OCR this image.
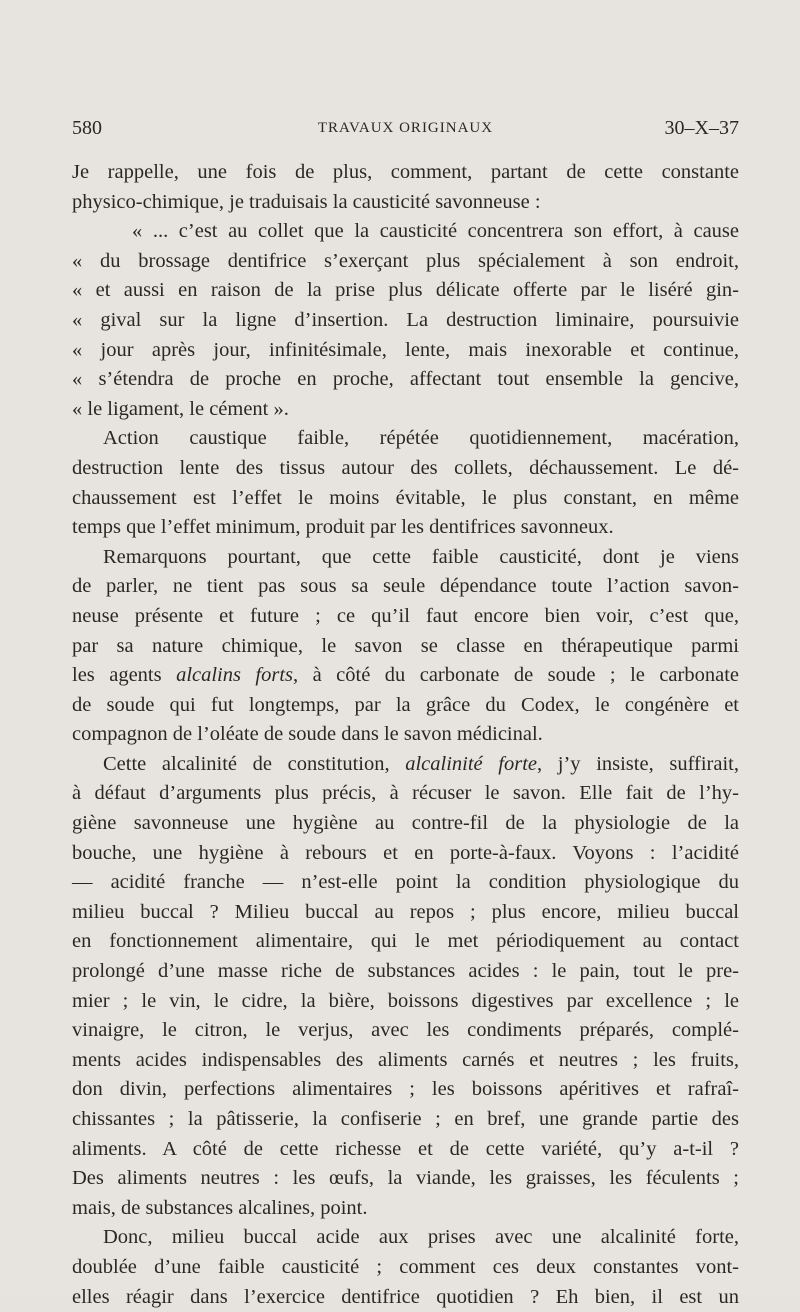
580	TRAVAUX ORIGINAUX	30–X–37
Je rappelle, une fois de plus, comment, partant de cette constante
physico-chimique, je traduisais la causticité savonneuse :
« ... c’est au collet que la causticité concentrera son effort, à cause
« du brossage dentifrice s’exerçant plus spécialement à son endroit,
« et aussi en raison de la prise plus délicate offerte par le liséré gin-
« gival sur la ligne d’insertion. La destruction liminaire, poursuivie
« jour après jour, infinitésimale, lente, mais inexorable et continue,
« s’étendra de proche en proche, affectant tout ensemble la gencive,
« le ligament, le cément ».
Action caustique faible, répétée quotidiennement, macération,
destruction lente des tissus autour des collets, déchaussement. Le dé-
chaussement est l’effet le moins évitable, le plus constant, en même
temps que l’effet minimum, produit par les dentifrices savonneux.
Remarquons pourtant, que cette faible causticité, dont je viens
de parler, ne tient pas sous sa seule dépendance toute l’action savon-
neuse présente et future ; ce qu’il faut encore bien voir, c’est que,
par sa nature chimique, le savon se classe en thérapeutique parmi
les agents alcalins forts, à côté du carbonate de soude ; le carbonate
de soude qui fut longtemps, par la grâce du Codex, le congénère et
compagnon de l’oléate de soude dans le savon médicinal.
Cette alcalinité de constitution, alcalinité forte, j’y insiste, suffirait,
à défaut d’arguments plus précis, à récuser le savon. Elle fait de l’hy-
giène savonneuse une hygiène au contre-fil de la physiologie de la
bouche, une hygiène à rebours et en porte-à-faux. Voyons : l’acidité
— acidité franche — n’est-elle point la condition physiologique du
milieu buccal ? Milieu buccal au repos ; plus encore, milieu buccal
en fonctionnement alimentaire, qui le met périodiquement au contact
prolongé d’une masse riche de substances acides : le pain, tout le pre-
mier ; le vin, le cidre, la bière, boissons digestives par excellence ; le
vinaigre, le citron, le verjus, avec les condiments préparés, complé-
ments acides indispensables des aliments carnés et neutres ; les fruits,
don divin, perfections alimentaires ; les boissons apéritives et rafraî-
chissantes ; la pâtisserie, la confiserie ; en bref, une grande partie des
aliments. A côté de cette richesse et de cette variété, qu’y a-t-il ?
Des aliments neutres : les œufs, la viande, les graisses, les féculents ;
mais, de substances alcalines, point.
Donc, milieu buccal acide aux prises avec une alcalinité forte,
doublée d’une faible causticité ; comment ces deux constantes vont-
elles réagir dans l’exercice dentifrice quotidien ? Eh bien, il est un
